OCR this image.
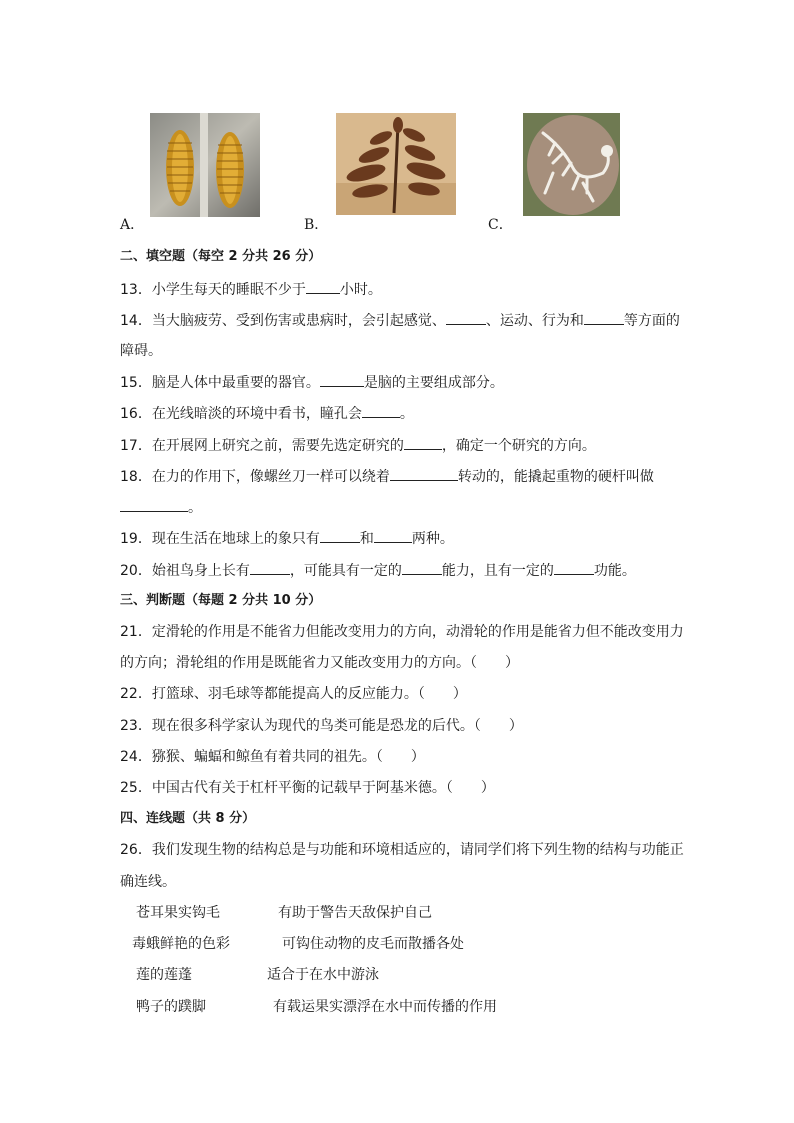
A．	B．	C．
二、填空题（每空 2 分共 26 分）
13．小学生每天的睡眠不少于 小时。
14．当大脑疲劳、受到伤害或患病时，会引起感觉、	、运动、行为和	等方面的
障碍。
15．脑是人体中最重要的器官。	是脑的主要组成部分。
16．在光线暗淡的环境中看书，瞳孔会	。
17．在开展网上研究之前，需要先选定研究的	，确定一个研究的方向。
18．在力的作用下，像螺丝刀一样可以绕着	转动的，能撬起重物的硬杆叫做
。
19．现在生活在地球上的象只有	和	两种。
20．始祖鸟身上长有	，可能具有一定的	能力，且有一定的	功能。
三、判断题（每题 2 分共 10 分）
21．定滑轮的作用是不能省力但能改变用力的方向，动滑轮的作用是能省力但不能改变用力
的方向；滑轮组的作用是既能省力又能改变用力的方向。（ ）
22．打篮球、羽毛球等都能提高人的反应能力。（ ）
23．现在很多科学家认为现代的鸟类可能是恐龙的后代。（ ）
24．猕猴、蝙蝠和鲸鱼有着共同的祖先。（ ）
25．中国古代有关于杠杆平衡的记载早于阿基米德。（ ）
四、连线题（共 8 分）
26．我们发现生物的结构总是与功能和环境相适应的，请同学们将下列生物的结构与功能正
确连线。
苍耳果实钩毛
毒蛾鲜艳的色彩
莲的莲蓬
鸭子的蹼脚
有助于警告天敌保护自己
可钩住动物的皮毛而散播各处
适合于在水中游泳
有载运果实漂浮在水中而传播的作用
